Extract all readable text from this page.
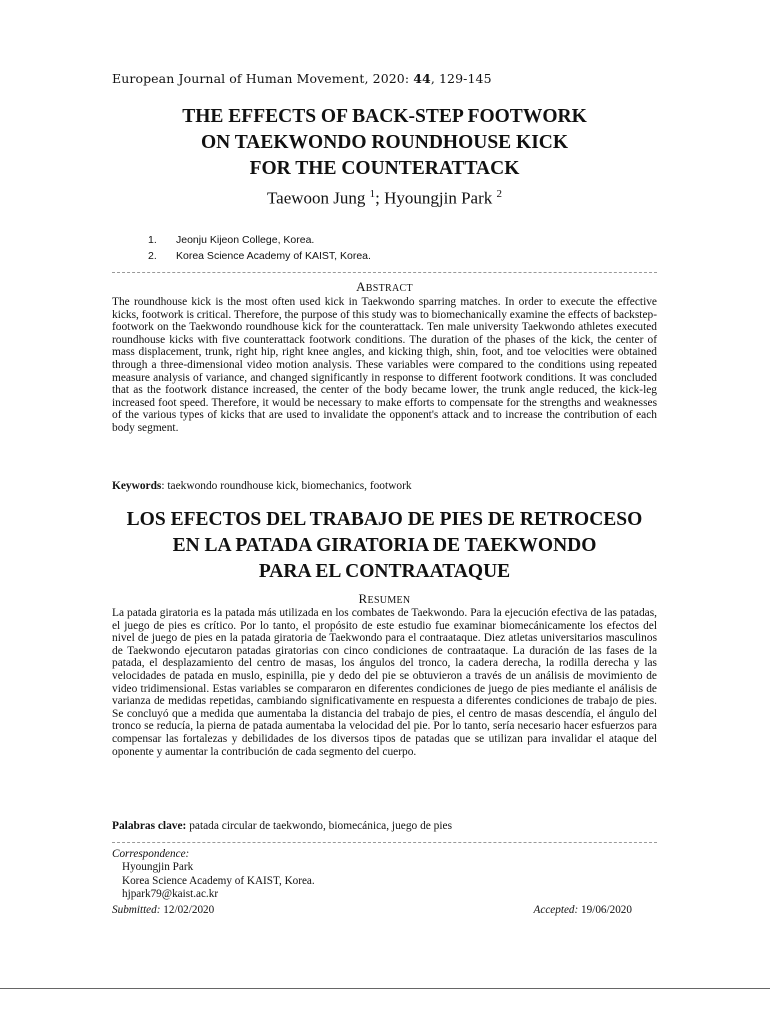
European Journal of Human Movement, 2020: 44, 129-145
THE EFFECTS OF BACK-STEP FOOTWORK
ON TAEKWONDO ROUNDHOUSE KICK
FOR THE COUNTERATTACK
Taewoon Jung $^1$; Hyoungjin Park $^2$
1. Jeonju Kijeon College, Korea.
2. Korea Science Academy of KAIST, Korea.
ABSTRACT
The roundhouse kick is the most often used kick in Taekwondo sparring matches. In order to execute the effective kicks, footwork is critical. Therefore, the purpose of this study was to biomechanically examine the effects of backstep-footwork on the Taekwondo roundhouse kick for the counterattack. Ten male university Taekwondo athletes executed roundhouse kicks with five counterattack footwork conditions. The duration of the phases of the kick, the center of mass displacement, trunk, right hip, right knee angles, and kicking thigh, shin, foot, and toe velocities were obtained through a three-dimensional video motion analysis. These variables were compared to the conditions using repeated measure analysis of variance, and changed significantly in response to different footwork conditions. It was concluded that as the footwork distance increased, the center of the body became lower, the trunk angle reduced, the kick-leg increased foot speed. Therefore, it would be necessary to make efforts to compensate for the strengths and weaknesses of the various types of kicks that are used to invalidate the opponent's attack and to increase the contribution of each body segment.
Keywords: taekwondo roundhouse kick, biomechanics, footwork
LOS EFECTOS DEL TRABAJO DE PIES DE RETROCESO
EN LA PATADA GIRATORIA DE TAEKWONDO
PARA EL CONTRAATAQUE
RESUMEN
La patada giratoria es la patada más utilizada en los combates de Taekwondo. Para la ejecución efectiva de las patadas, el juego de pies es crítico. Por lo tanto, el propósito de este estudio fue examinar biomecánicamente los efectos del nivel de juego de pies en la patada giratoria de Taekwondo para el contraataque. Diez atletas universitarios masculinos de Taekwondo ejecutaron patadas giratorias con cinco condiciones de contraataque. La duración de las fases de la patada, el desplazamiento del centro de masas, los ángulos del tronco, la cadera derecha, la rodilla derecha y las velocidades de patada en muslo, espinilla, pie y dedo del pie se obtuvieron a través de un análisis de movimiento de video tridimensional. Estas variables se compararon en diferentes condiciones de juego de pies mediante el análisis de varianza de medidas repetidas, cambiando significativamente en respuesta a diferentes condiciones de trabajo de pies. Se concluyó que a medida que aumentaba la distancia del trabajo de pies, el centro de masas descendía, el ángulo del tronco se reducía, la pierna de patada aumentaba la velocidad del pie. Por lo tanto, sería necesario hacer esfuerzos para compensar las fortalezas y debilidades de los diversos tipos de patadas que se utilizan para invalidar el ataque del oponente y aumentar la contribución de cada segmento del cuerpo.
Palabras clave: patada circular de taekwondo, biomecánica, juego de pies
Correspondence:
Hyoungjin Park
Korea Science Academy of KAIST, Korea.
hjpark79@kaist.ac.kr
Submitted: 12/02/2020	Accepted: 19/06/2020
